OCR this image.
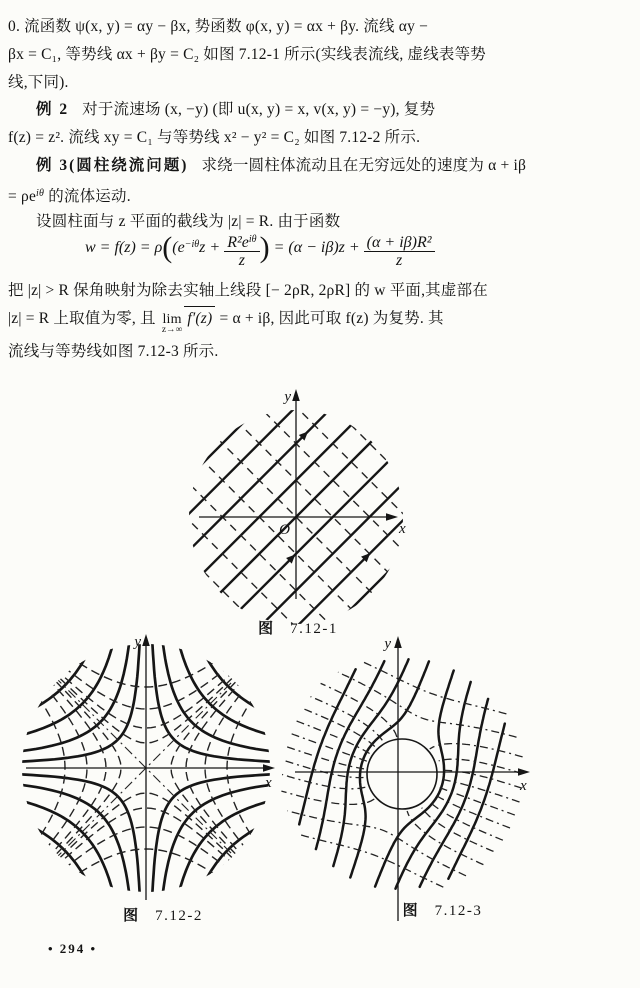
0. 流函数 ψ(x, y) = αy − βx, 势函数 φ(x, y) = αx + βy. 流线 αy −
βx = C₁, 等势线 αx + βy = C₂ 如图 7.12-1 所示(实线表流线, 虚线表等势
线,下同).
例 2 对于流速场 (x, −y) (即 u(x, y) = x, v(x, y) = −y), 复势
f(z) = z². 流线 xy = C₁ 与等势线 x² − y² = C₂ 如图 7.12-2 所示.
例 3(圆柱绕流问题) 求绕一圆柱体流动且在无穷远处的速度为 α + iβ
= $\rho e^{i\theta}$ 的流体运动.
设圆柱面与 z 平面的截线为 |z| = R. 由于函数
$w = f(z) = \rho((e^{-i\theta}z + \frac{R^2e^{i\theta}}{z}$ ) = $(\alpha - i\beta)z + \frac{\text{(α + iβ)R²}}{z}$
把 |z| > R 保角映射为除去实轴上线段 [− 2ρR, 2ρR] 的 w 平面,其虚部在
|z| = R 上取值为零, 且 lim
z→∞
f′(z) = α + iβ, 因此可取 f(z) 为复势. 其
流线与等势线如图 7.12-3 所示.
x
y
O
图 7.12-1
x
y
图 7.12-2
x
y
图 7.12-3
• 294 •
